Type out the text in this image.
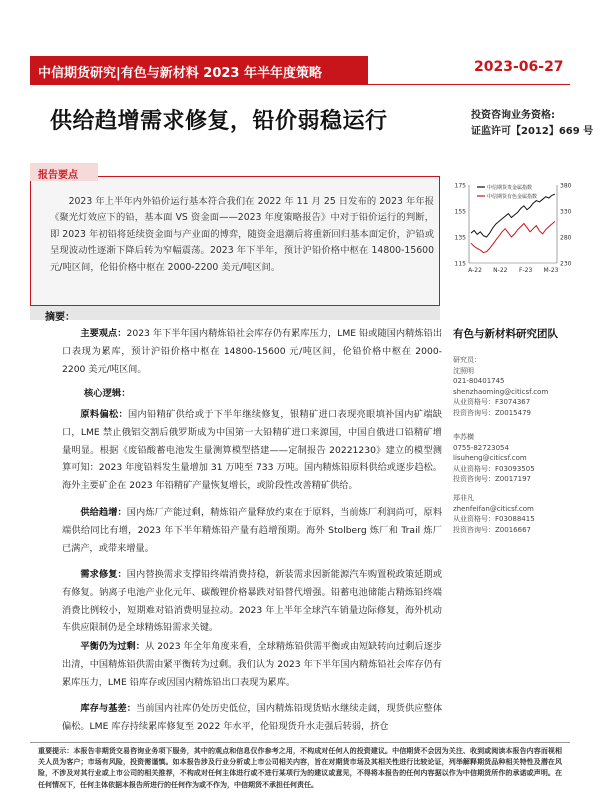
中信期货研究|有色与新材料 2023 年半年度策略	2023-06-27
供给趋增需求修复，铅价弱稳运行	投资咨询业务资格:
证监许可【2012】669 号
报告要点
2023 年上半年内外铅价运行基本符合我们在 2022 年 11 月 25 日发布的 2023 年年报《聚光灯效应下的铅，基本面 VS 资金面——2023 年度策略报告》中对于铅价运行的判断，即 2023 年初铅将延续资金面与产业面的博弈，随资金退潮后将重新回归基本面定价，沪铅或呈现波动性逐渐下降后转为窄幅震荡。2023 年下半年，预计沪铅价格中枢在 14800-15600 元/吨区间，伦铅价格中枢在 2000-2200 美元/吨区间。
175
155
135
115
380
330
280
230
A-22 N-22 F-23 M-23
中信期货贵金属指数
中信期货有色金属指数
摘要：
主要观点：2023 年下半年国内精炼铅社会库存仍有累库压力，LME 铅或随国内精炼铅出口表现为累库，预计沪铅价格中枢在 14800-15600 元/吨区间，伦铅价格中枢在 2000-2200 美元/吨区间。
核心逻辑：
原料偏松：国内铅精矿供给或于下半年继续修复，银精矿进口表现亮眼填补国内矿端缺口，LME 禁止俄铝交割后俄罗斯成为中国第一大铅精矿进口来源国，中国自俄进口铅精矿增量明显。根据《废铅酸蓄电池发生量测算模型搭建——定制报告 20221230》建立的模型测算可知：2023 年度铅料发生量增加 31 万吨至 733 万吨。国内精炼铅原料供给或逐步趋松。海外主要矿企在 2023 年铅精矿产量恢复增长，或阶段性改善精矿供给。
供给趋增：国内炼厂产能过剩，精炼铅产量释放约束在于原料，当前炼厂利润尚可，原料端供给同比有增，2023 年下半年精炼铅产量有趋增预期。海外 Stolberg 炼厂和 Trail 炼厂已满产，或带来增量。
需求修复：国内替换需求支撑铅终端消费持稳，新装需求因新能源汽车购置税政策延期或有修复。钠离子电池产业化元年、碳酸锂价格暴跌对铅替代增强。铅蓄电池储能占精炼铅终端消费比例较小，短期难对铅消费明显拉动。2023 年上半年全球汽车销量边际修复，海外机动车供应限制仍是全球精炼铅需求关键。
平衡仍为过剩：从 2023 年全年角度来看，全球精炼铅供需平衡或由短缺转向过剩后逐步出清，中国精炼铅供需由紧平衡转为过剩。我们认为 2023 年下半年国内精炼铅社会库存仍有累库压力，LME 铅库存或因国内精炼铅出口表现为累库。
库存与基差：当前国内社库仍处历史低位，国内精炼铅现货贴水继续走阔，现货供应整体偏松。LME 库存持续累库修复至 2022 年水平，伦铅现货升水走强后转弱，挤仓
有色与新材料研究团队
研究员：
沈照明
021-80401745
shenzhaoming@citicsf.com
从业资格号：F3074367
投资咨询号：Z0015479
李苏横
0755-82723054
lisuheng@citicsf.com
从业资格号：F03093505
投资咨询号：Z0017197
郑非凡
zhenfeifan@citicsf.com
从业资格号：F03088415
投资咨询号：Z0016667
重要提示：本报告非期货交易咨询业务项下服务，其中的观点和信息仅作参考之用，不构成对任何人的投资建议。中信期货不会因为关注、收到或阅读本报告内容而视相关人员为客户；市场有风险，投资需谨慎。如本报告涉及行业分析或上市公司相关内容，旨在对期货市场及其相关性进行比较论证，列举解释期货品种相关特性及潜在风险，不涉及对其行业或上市公司的相关推荐，不构成对任何主体进行或不进行某项行为的建议或意见，不得将本报告的任何内容据以作为中信期货所作的承诺或声明。在任何情况下，任何主体依据本报告所进行的任何作为或不作为，中信期货不承担任何责任。
